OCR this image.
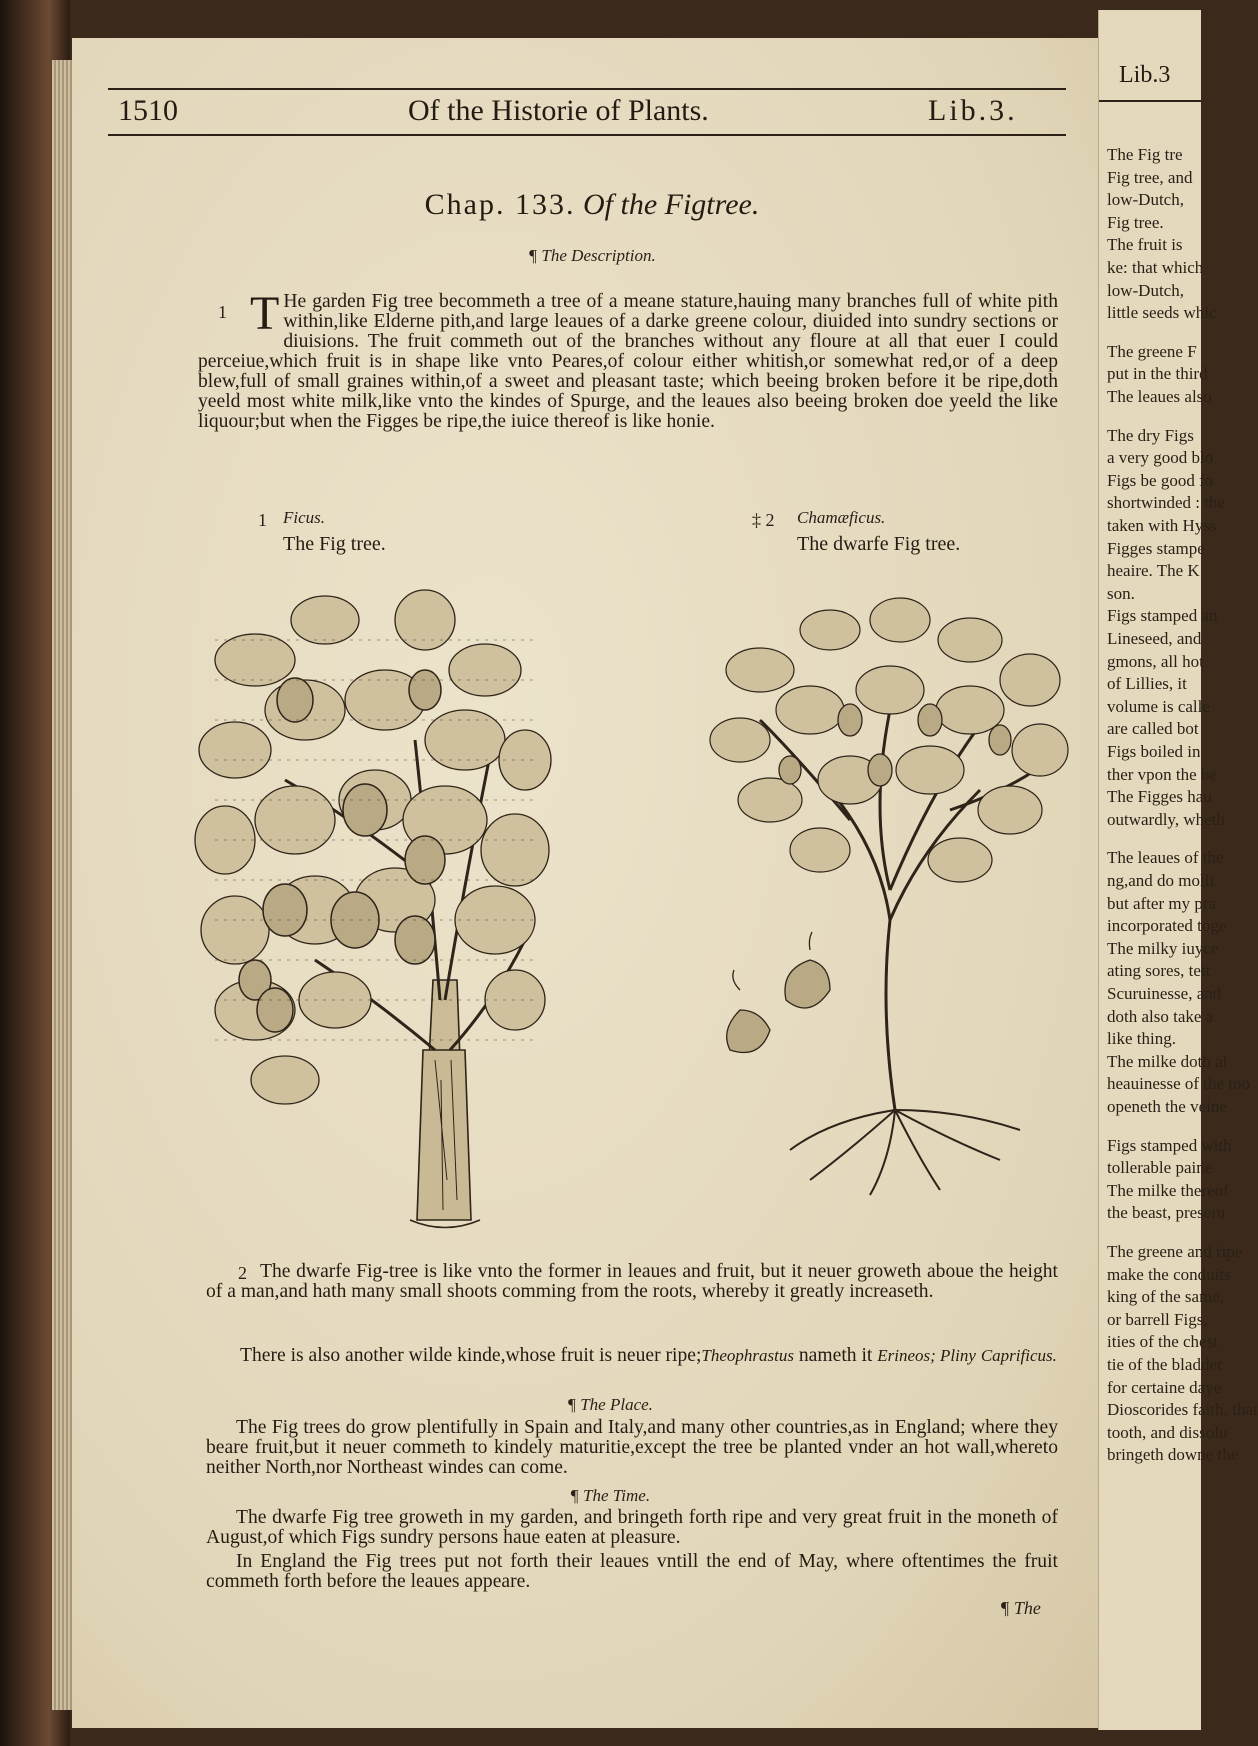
1510	Of the Historie of Plants.	Lib.3.
Chap. 133. Of the Figtree.
¶ The Description.
1 T He garden Fig tree becommeth a tree of a meane stature,hauing many branches full of white pith within,like Elderne pith,and large leaues of a darke greene colour, diuided into sundry sections or diuisions. The fruit commeth out of the branches without any floure at all that euer I could perceiue,which fruit is in shape like vnto Peares,of colour either whitish,or somewhat red,or of a deep blew,full of small graines within,of a sweet and pleasant taste; which beeing broken before it be ripe,doth yeeld most white milk,like vnto the kindes of Spurge, and the leaues also beeing broken doe yeeld the like liquour;but when the Figges be ripe,the iuice thereof is like honie.

1 Ficus.
The Fig tree.
‡ 2 Chamæficus.
The dwarfe Fig tree.
2 The dwarfe Fig-tree is like vnto the former in leaues and fruit, but it neuer groweth aboue the height of a man,and hath many small shoots comming from the roots, whereby it greatly increaseth.

There is also another wilde kinde,whose fruit is neuer ripe;Theophrastus nameth it Erineos; Pliny Caprificus.

¶ The Place.

The Fig trees do grow plentifully in Spain and Italy,and many other countries,as in England; where they beare fruit,but it neuer commeth to kindely maturitie,except the tree be planted vnder an hot wall,whereto neither North,nor Northeast windes can come.

¶ The Time.

The dwarfe Fig tree groweth in my garden, and bringeth forth ripe and very great fruit in the moneth of August,of which Figs sundry persons haue eaten at pleasure.

In England the Fig trees put not forth their leaues vntill the end of May, where oftentimes the fruit commeth forth before the leaues appeare.

¶ The
Lib.3
The Fig tre
Fig tree, and
low-Dutch,
Fig tree.
The fruit is
ke: that which
low-Dutch,
little seeds whic
The greene F
put in the third
The leaues also
The dry Figs
a very good blo
Figs be good fo
shortwinded : the
taken with Hyss
Figges stampe
heaire. The K
son.
Figs stamped an
Lineseed, and
gmons, all hot
of Lillies, it
volume is calle
are called bot
Figs boiled in
ther vpon the be
The Figges hau
outwardly, wheth
The leaues of the
ng,and do molli
but after my pra
incorporated toge
The milky iuyce
ating sores, tett
Scuruinesse, and
doth also take a
like thing.
The milke doth al
heauinesse of the too
openeth the veine
Figs stamped with
tollerable paine
The milke thereof
the beast, preseru
The greene and ripe
make the conduits
king of the same,
or barrell Figs,
ities of the chest
tie of the bladder
for certaine daye
Dioscorides faith, that
tooth, and dissolu
bringeth downe the
